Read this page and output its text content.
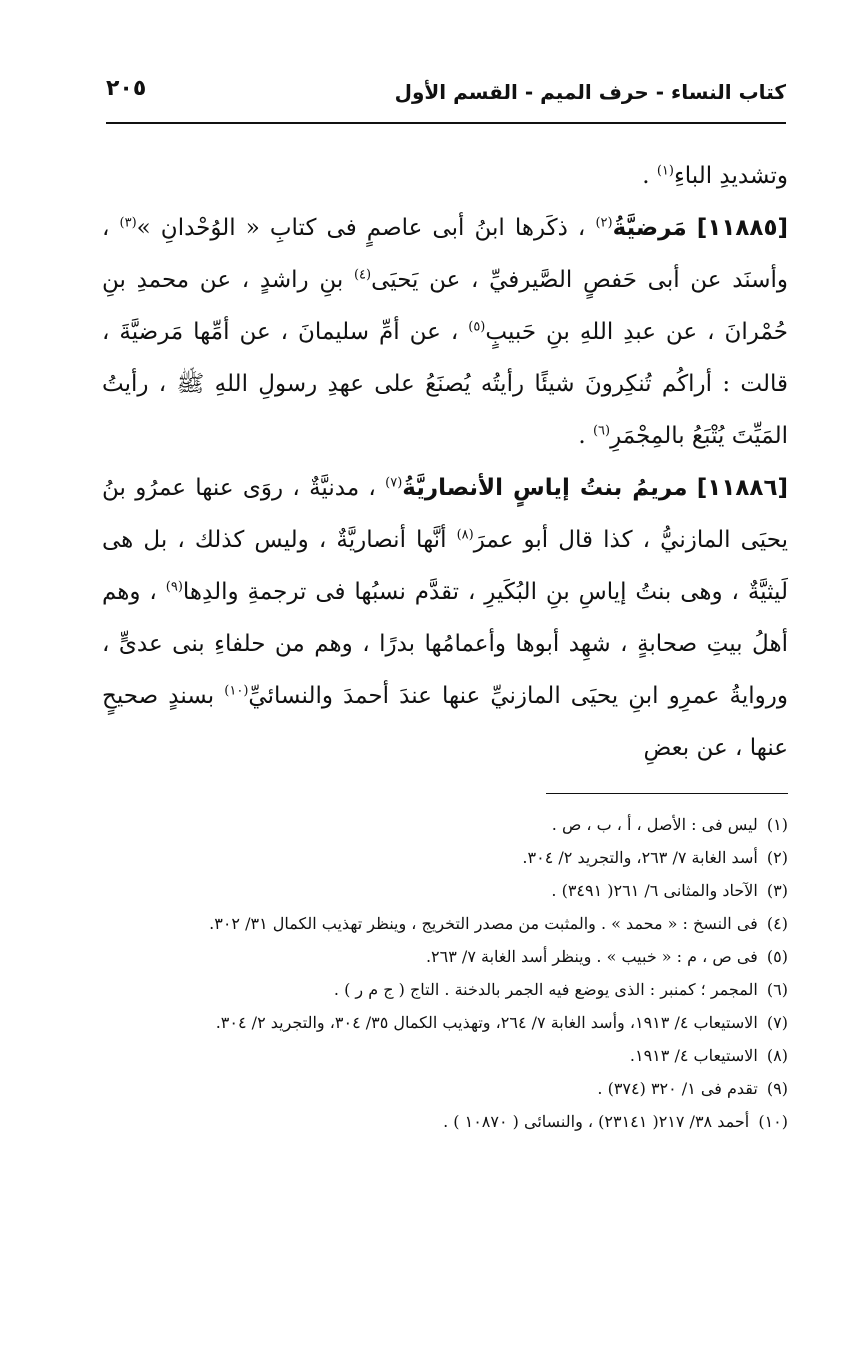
كتاب النساء - حرف الميم - القسم الأول
٢٠٥

وتشديدِ الباءِ$^{(١)}$ .

[١١٨٨٥] مَرضيَّةُ$^{(٢)}$ ، ذكَرها ابنُ أبى عاصمٍ فى كتابِ « الوُحْدانِ »$^{(٣)}$ ، وأسنَد عن أبى حَفصٍ الصَّيرفيِّ ، عن يَحيَى$^{(٤)}$ بنِ راشدٍ ، عن محمدِ بنِ حُمْرانَ ، عن عبدِ اللهِ بنِ حَبيبٍ$^{(٥)}$ ، عن أمِّ سليمانَ ، عن أمِّها مَرضيَّةَ ، قالت : أراكُم تُنكِرونَ شيئًا رأيتُه يُصنَعُ على عهدِ رسولِ اللهِ ﷺ ، رأيتُ المَيِّتَ يُتْبَعُ بالمِجْمَرِ$^{(٦)}$ .

[١١٨٨٦] مريمُ بنتُ إياسٍ الأنصاريَّةُ$^{(٧)}$ ، مدنيَّةٌ ، روَى عنها عمرُو بنُ يحيَى المازنيُّ ، كذا قال أبو عمرَ$^{(٨)}$ أنَّها أنصاريَّةٌ ، وليس كذلك ، بل هى لَيثيَّةٌ ، وهى بنتُ إياسِ بنِ البُكَيرِ ، تقدَّم نسبُها فى ترجمةِ والدِها$^{(٩)}$ ، وهم أهلُ بيتِ صحابةٍ ، شهِد أبوها وأعمامُها بدرًا ، وهم من حلفاءِ بنى عدىٍّ ، وروايةُ عمرِو ابنِ يحيَى المازنيِّ عنها عندَ أحمدَ والنسائيِّ$^{(١٠)}$ بسندٍ صحيحٍ عنها ، عن بعضِ

(١) ليس فى : الأصل ، أ ، ب ، ص .

(٢) أسد الغابة ٧/ ٢٦٣، والتجريد ٢/ ٣٠٤.

(٣) الآحاد والمثانى ٦/ ٢٦١( ٣٤٩١) .

(٤) فى النسخ : « محمد » . والمثبت من مصدر التخريج ، وينظر تهذيب الكمال ٣١/ ٣٠٢.

(٥) فى ص ، م : « خبيب » . وينظر أسد الغابة ٧/ ٢٦٣.

(٦) المجمر ؛ كمنبر : الذى يوضع فيه الجمر بالدخنة . التاج ( ج م ر ) .

(٧) الاستيعاب ٤/ ١٩١٣، وأسد الغابة ٧/ ٢٦٤، وتهذيب الكمال ٣٥/ ٣٠٤، والتجريد ٢/ ٣٠٤.

(٨) الاستيعاب ٤/ ١٩١٣.

(٩) تقدم فى ١/ ٣٢٠ (٣٧٤) .

(١٠) أحمد ٣٨/ ٢١٧( ٢٣١٤١) ، والنسائى ( ١٠٨٧٠ ) .
